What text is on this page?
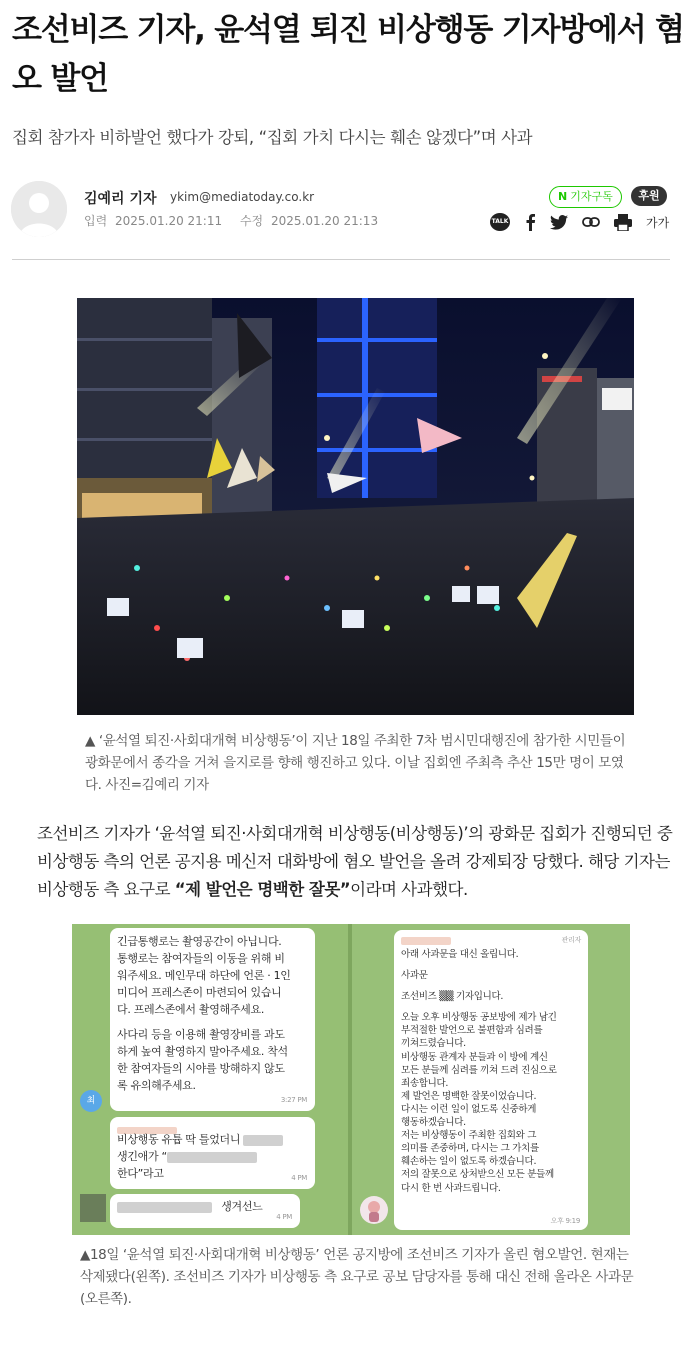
조선비즈 기자, 윤석열 퇴진 비상행동 기자방에서 혐오 발언

집회 참가자 비하발언 했다가 강퇴, “집회 가치 다시는 훼손 않겠다”며 사과

김예리 기자 ykim@mediatoday.co.kr
입력 2025.01.20 21:11 수정 2025.01.20 21:13
N 기자구독	후원
TALK	가가

▲ ‘윤석열 퇴진·사회대개혁 비상행동’이 지난 18일 주최한 7차 범시민대행진에 참가한 시민들이 광화문에서 종각을 거쳐 을지로를 향해 행진하고 있다. 이날 집회엔 주최측 추산 15만 명이 모였다. 사진=김예리 기자

조선비즈 기자가 ‘윤석열 퇴진·사회대개혁 비상행동(비상행동)’의 광화문 집회가 진행되던 중 비상행동 측의 언론 공지용 메신저 대화방에 혐오 발언을 올려 강제퇴장 당했다. 해당 기자는 비상행동 측 요구로 “제 발언은 명백한 잘못”이라며 사과했다.

긴급통행로는 촬영공간이 아닙니다.
통행로는 참여자들의 이동을 위해 비
워주세요. 메인무대 하단에 언론 · 1인
미디어 프레스존이 마련되어 있습니
다. 프레스존에서 촬영해주세요.
사다리 등을 이용해 촬영장비를 과도
하게 높여 촬영하지 말아주세요. 착석
한 참여자들의 시야를 방해하지 않도
록 유의해주세요.
3:27 PM
최
비상행동 유튭 딱 틀었더니
생긴애가 “
한다”라고	4 PM
생겨선느
4 PM
관리자
아래 사과문을 대신 올립니다.
사과문
조선비즈 ▒▒ 기자입니다.
오늘 오후 비상행동 공보방에 제가 남긴
부적절한 발언으로 불편함과 심려를
끼쳐드렸습니다.
비상행동 관계자 분들과 이 방에 계신
모든 분들께 심려를 끼쳐 드려 진심으로
죄송합니다.
제 발언은 명백한 잘못이었습니다.
다시는 이런 일이 없도록 신중하게
행동하겠습니다.
저는 비상행동이 주최한 집회와 그
의미를 존중하며, 다시는 그 가치를
훼손하는 일이 없도록 하겠습니다.
저의 잘못으로 상처받으신 모든 분들께
다시 한 번 사과드립니다.
오후 9:19

▲18일 ‘윤석열 퇴진·사회대개혁 비상행동’ 언론 공지방에 조선비즈 기자가 올린 혐오발언. 현재는 삭제됐다(왼쪽). 조선비즈 기자가 비상행동 측 요구로 공보 담당자를 통해 대신 전해 올라온 사과문(오른쪽).
